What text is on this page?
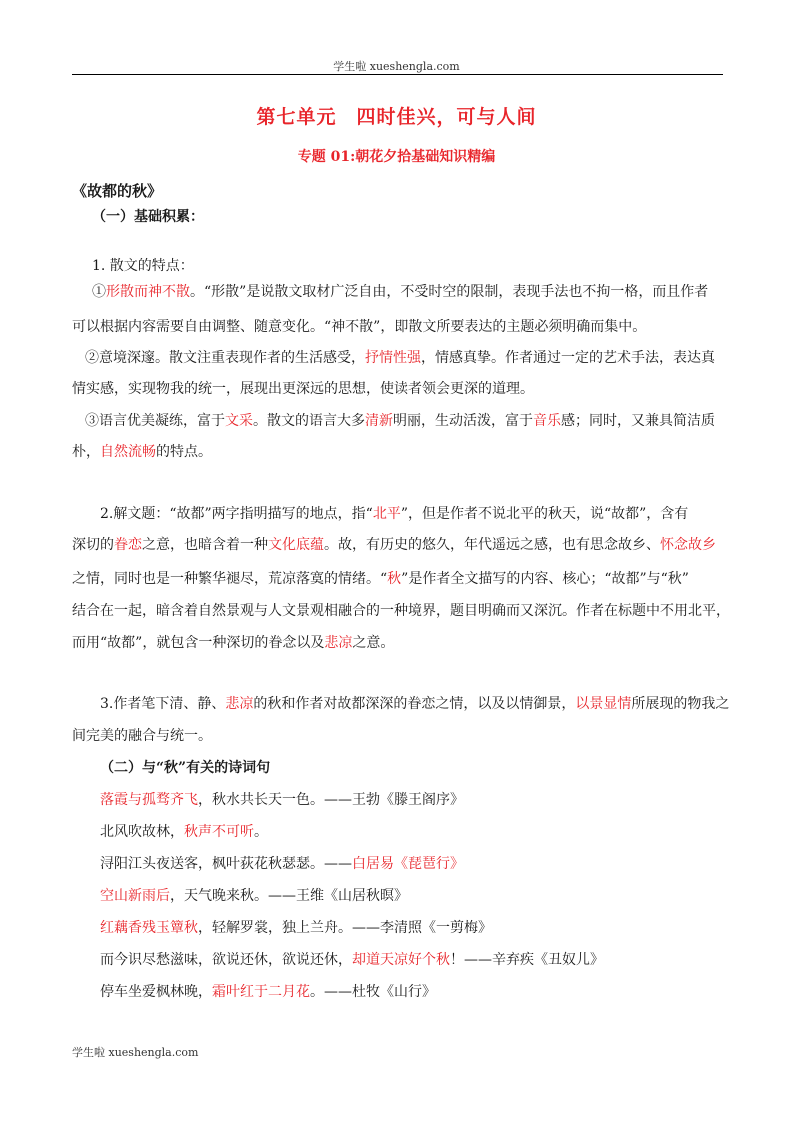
学生啦 xueshengla.com
第七单元　四时佳兴，可与人间
专题 01:朝花夕拾基础知识精编
《故都的秋》
（一）基础积累：
1. 散文的特点：
①形散而神不散。“形散”是说散文取材广泛自由，不受时空的限制，表现手法也不拘一格，而且作者
可以根据内容需要自由调整、随意变化。“神不散”，即散文所要表达的主题必须明确而集中。
②意境深邃。散文注重表现作者的生活感受，抒情性强，情感真挚。作者通过一定的艺术手法，表达真
情实感，实现物我的统一，展现出更深远的思想，使读者领会更深的道理。
③语言优美凝练，富于文采。散文的语言大多清新明丽，生动活泼，富于音乐感；同时，又兼具简洁质
朴，自然流畅的特点。
2.解文题：“故都”两字指明描写的地点，指“北平”，但是作者不说北平的秋天，说“故都”，含有
深切的眷恋之意，也暗含着一种文化底蕴。故，有历史的悠久，年代遥远之感，也有思念故乡、怀念故乡
之情，同时也是一种繁华褪尽，荒凉落寞的情绪。“秋”是作者全文描写的内容、核心；“故都”与“秋”
结合在一起，暗含着自然景观与人文景观相融合的一种境界，题目明确而又深沉。作者在标题中不用北平，
而用“故都”，就包含一种深切的眷念以及悲凉之意。
3.作者笔下清、静、悲凉的秋和作者对故都深深的眷恋之情，以及以情御景，以景显情所展现的物我之
间完美的融合与统一。
（二）与“秋”有关的诗词句
落霞与孤骛齐飞，秋水共长天一色。——王勃《滕王阁序》
北风吹故林，秋声不可听。
浔阳江头夜送客，枫叶荻花秋瑟瑟。——白居易《琵琶行》
空山新雨后，天气晚来秋。——王维《山居秋暝》
红藕香残玉簟秋，轻解罗裳，独上兰舟。——李清照《一剪梅》
而今识尽愁滋味，欲说还休，欲说还休，却道天凉好个秋！——辛弃疾《丑奴儿》
停车坐爱枫林晚，霜叶红于二月花。——杜牧《山行》
学生啦 xueshengla.com
